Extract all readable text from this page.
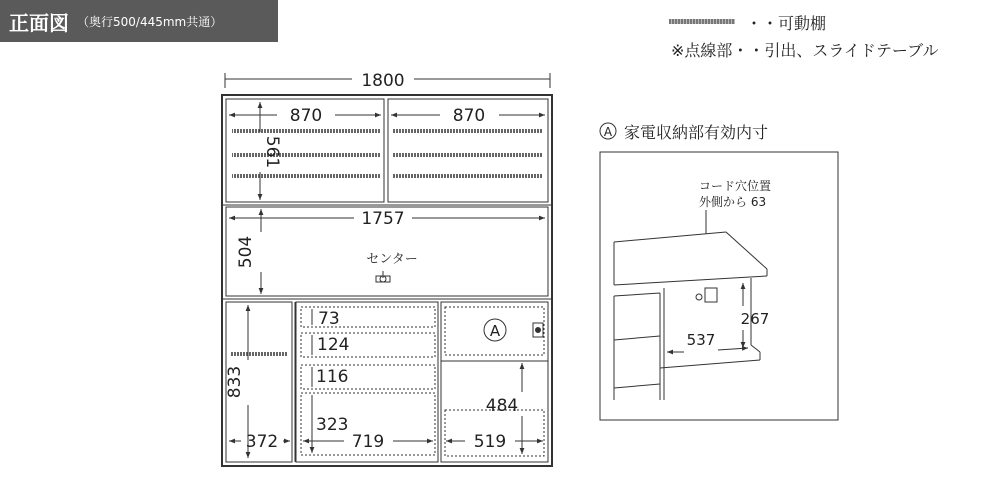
正面図 （奥行500/445mm共通）	・・可動棚
※点線部・・引出、スライドテーブル
1800
870	870
561
1757
504	センター
73
124
116
323
719
A
484
519
833
372
A 家電収納部有効内寸
コード穴位置
外側から 63
267
537
